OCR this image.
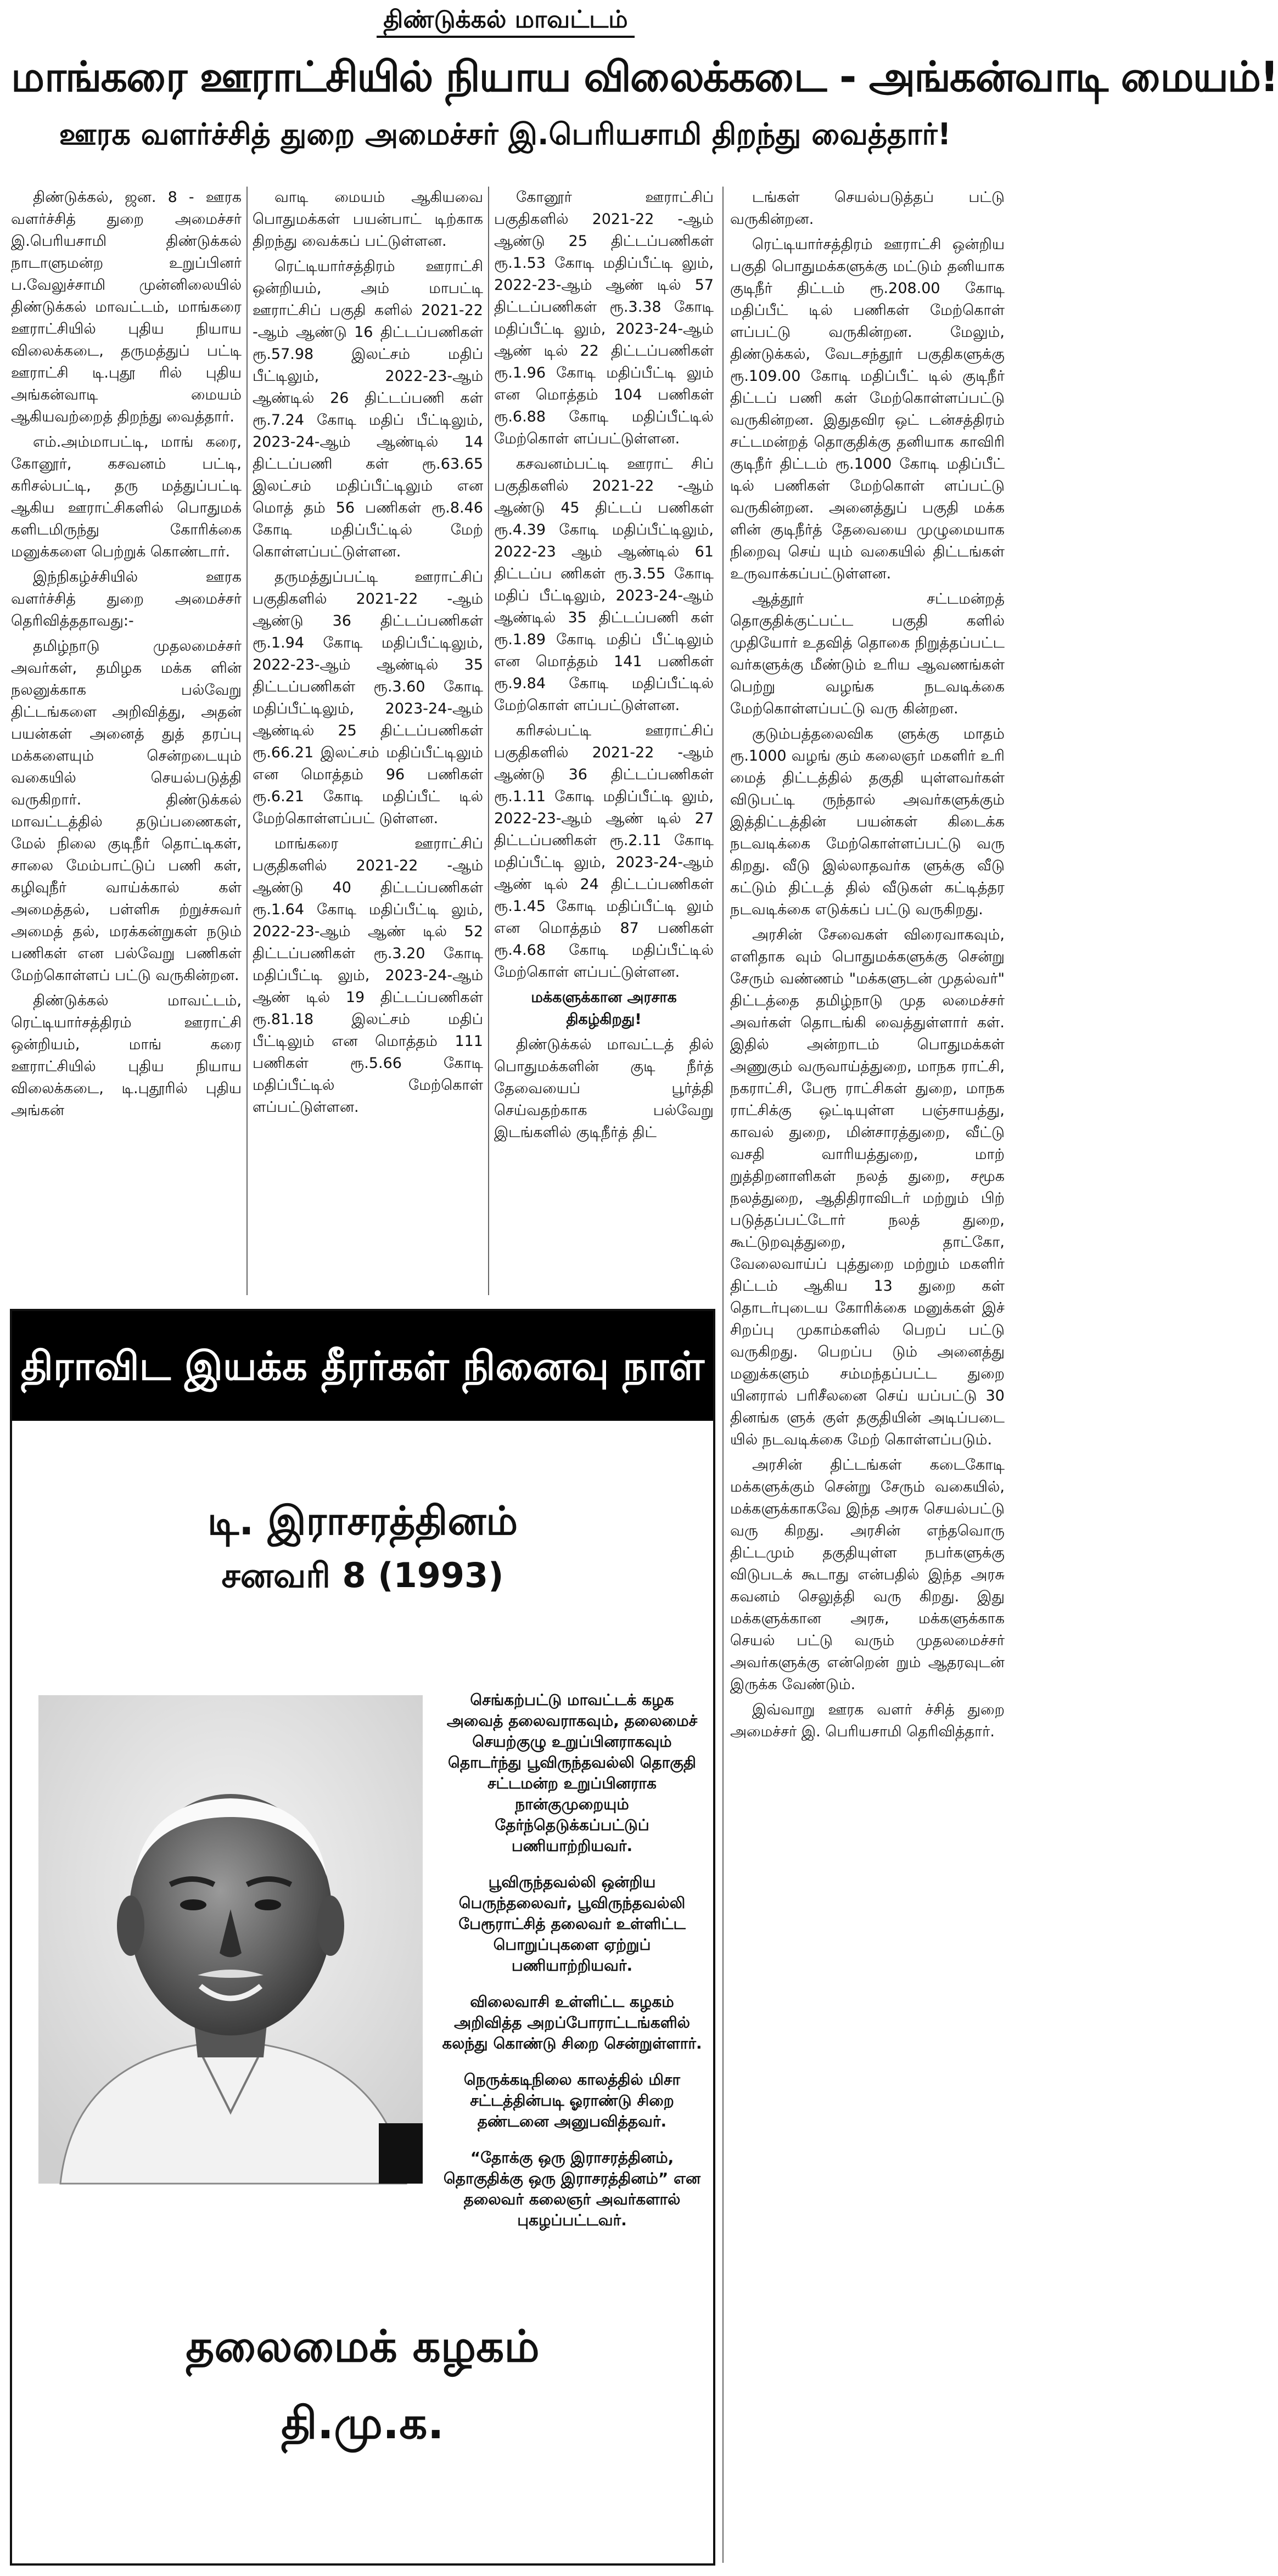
திண்டுக்கல் மாவட்டம்
மாங்கரை ஊராட்சியில் நியாய விலைக்கடை - அங்கன்வாடி மையம்!
ஊரக வளர்ச்சித் துறை அமைச்சர் இ.பெரியசாமி திறந்து வைத்தார்!

திண்டுக்கல், ஜன. 8 - ஊரக வளர்ச்சித் துறை அமைச்சர் இ.பெரியசாமி திண்டுக்கல் நாடாளுமன்ற உறுப்பினர் ப.வேலுச்சாமி முன்னிலையில் திண்டுக்கல் மாவட்டம், மாங்கரை ஊராட்சியில் புதிய நியாய விலைக்கடை, தருமத்துப் பட்டி ஊராட்சி டி.புதூ ரில் புதிய அங்கன்வாடி மையம் ஆகியவற்றைத் திறந்து வைத்தார்.

எம்.அம்மாபட்டி, மாங் கரை, கோனூர், கசவனம் பட்டி, கரிசல்பட்டி, தரு மத்துப்பட்டி ஆகிய ஊராட்சிகளில் பொதுமக் களிடமிருந்து கோரிக்கை மனுக்களை பெற்றுக் கொண்டார்.

இந்நிகழ்ச்சியில் ஊரக வளர்ச்சித் துறை அமைச்சர் தெரிவித்ததாவது:-

தமிழ்நாடு முதலமைச்சர் அவர்கள், தமிழக மக்க ளின் நலனுக்காக பல்வேறு திட்டங்களை அறிவித்து, அதன் பயன்கள் அனைத் துத் தரப்பு மக்களையும் சென்றடையும் வகையில் செயல்படுத்தி வருகிறார். திண்டுக்கல் மாவட்டத்தில் தடுப்பணைகள், மேல் நிலை குடிநீர் தொட்டிகள், சாலை மேம்பாட்டுப் பணி கள், கழிவுநீர் வாய்க்கால் கள் அமைத்தல், பள்ளிசு ற்றுச்சுவர் அமைத் தல், மரக்கன்றுகள் நடும் பணிகள் என பல்வேறு பணிகள் மேற்கொள்ளப் பட்டு வருகின்றன.

திண்டுக்கல் மாவட்டம், ரெட்டியார்சத்திரம் ஊராட்சி ஒன்றியம், மாங் கரை ஊராட்சியில் புதிய நியாய விலைக்கடை, டி.புதூரில் புதிய அங்கன்

வாடி மையம் ஆகியவை பொதுமக்கள் பயன்பாட் டிற்காக திறந்து வைக்கப் பட்டுள்ளன.

ரெட்டியார்சத்திரம் ஊராட்சி ஒன்றியம், அம் மாபட்டி ஊராட்சிப் பகுதி களில் 2021-22 -ஆம் ஆண்டு 16 திட்டப்பணிகள் ரூ.57.98 இலட்சம் மதிப் பீட்டிலும், 2022-23-ஆம் ஆண்டில் 26 திட்டப்பணி கள் ரூ.7.24 கோடி மதிப் பீட்டிலும், 2023-24-ஆம் ஆண்டில் 14 திட்டப்பணி கள் ரூ.63.65 இலட்சம் மதிப்பீட்டிலும் என மொத் தம் 56 பணிகள் ரூ.8.46 கோடி மதிப்பீட்டில் மேற் கொள்ளப்பட்டுள்ளன.

தருமத்துப்பட்டி ஊராட்சிப் பகுதிகளில் 2021-22 -ஆம் ஆண்டு 36 திட்டப்பணிகள் ரூ.1.94 கோடி மதிப்பீட்டிலும், 2022-23-ஆம் ஆண்டில் 35 திட்டப்பணிகள் ரூ.3.60 கோடி மதிப்பீட்டிலும், 2023-24-ஆம் ஆண்டில் 25 திட்டப்பணிகள் ரூ.66.21 இலட்சம் மதிப்பீட்டிலும் என மொத்தம் 96 பணிகள் ரூ.6.21 கோடி மதிப்பீட் டில் மேற்கொள்ளப்பட் டுள்ளன.

மாங்கரை ஊராட்சிப் பகுதிகளில் 2021-22 -ஆம் ஆண்டு 40 திட்டப்பணிகள் ரூ.1.64 கோடி மதிப்பீட்டி லும், 2022-23-ஆம் ஆண் டில் 52 திட்டப்பணிகள் ரூ.3.20 கோடி மதிப்பீட்டி லும், 2023-24-ஆம் ஆண் டில் 19 திட்டப்பணிகள் ரூ.81.18 இலட்சம் மதிப் பீட்டிலும் என மொத்தம் 111 பணிகள் ரூ.5.66 கோடி மதிப்பீட்டில் மேற்கொள் ளப்பட்டுள்ளன.

கோனூர் ஊராட்சிப் பகுதிகளில் 2021-22 -ஆம் ஆண்டு 25 திட்டப்பணிகள் ரூ.1.53 கோடி மதிப்பீட்டி லும், 2022-23-ஆம் ஆண் டில் 57 திட்டப்பணிகள் ரூ.3.38 கோடி மதிப்பீட்டி லும், 2023-24-ஆம் ஆண் டில் 22 திட்டப்பணிகள் ரூ.1.96 கோடி மதிப்பீட்டி லும் என மொத்தம் 104 பணிகள் ரூ.6.88 கோடி மதிப்பீட்டில் மேற்கொள் ளப்பட்டுள்ளன.

கசவனம்பட்டி ஊராட் சிப் பகுதிகளில் 2021-22 -ஆம் ஆண்டு 45 திட்டப் பணிகள் ரூ.4.39 கோடி மதிப்பீட்டிலும், 2022-23 ஆம் ஆண்டில் 61 திட்டப்ப ணிகள் ரூ.3.55 கோடி மதிப் பீட்டிலும், 2023-24-ஆம் ஆண்டில் 35 திட்டப்பணி கள் ரூ.1.89 கோடி மதிப் பீட்டிலும் என மொத்தம் 141 பணிகள் ரூ.9.84 கோடி மதிப்பீட்டில் மேற்கொள் ளப்பட்டுள்ளன.

கரிசல்பட்டி ஊராட்சிப் பகுதிகளில் 2021-22 -ஆம் ஆண்டு 36 திட்டப்பணிகள் ரூ.1.11 கோடி மதிப்பீட்டி லும், 2022-23-ஆம் ஆண் டில் 27 திட்டப்பணிகள் ரூ.2.11 கோடி மதிப்பீட்டி லும், 2023-24-ஆம் ஆண் டில் 24 திட்டப்பணிகள் ரூ.1.45 கோடி மதிப்பீட்டி லும் என மொத்தம் 87 பணிகள் ரூ.4.68 கோடி மதிப்பீட்டில் மேற்கொள் ளப்பட்டுள்ளன.

மக்களுக்கான அரசாக திகழ்கிறது!

திண்டுக்கல் மாவட்டத் தில் பொதுமக்களின் குடி நீர்த் தேவையைப் பூர்த்தி செய்வதற்காக பல்வேறு இடங்களில் குடிநீர்த் திட்

டங்கள் செயல்படுத்தப் பட்டு வருகின்றன.

ரெட்டியார்சத்திரம் ஊராட்சி ஒன்றிய பகுதி பொதுமக்களுக்கு மட்டும் தனியாக குடிநீர் திட்டம் ரூ.208.00 கோடி மதிப்பீட் டில் பணிகள் மேற்கொள் ளப்பட்டு வருகின்றன. மேலும், திண்டுக்கல், வேடசந்தூர் பகுதிகளுக்கு ரூ.109.00 கோடி மதிப்பீட் டில் குடிநீர் திட்டப் பணி கள் மேற்கொள்ளப்பட்டு வருகின்றன. இதுதவிர ஒட் டன்சத்திரம் சட்டமன்றத் தொகுதிக்கு தனியாக காவிரி குடிநீர் திட்டம் ரூ.1000 கோடி மதிப்பீட் டில் பணிகள் மேற்கொள் ளப்பட்டு வருகின்றன. அனைத்துப் பகுதி மக்க ளின் குடிநீர்த் தேவையை முழுமையாக நிறைவு செய் யும் வகையில் திட்டங்கள் உருவாக்கப்பட்டுள்ளன.

ஆத்தூர் சட்டமன்றத் தொகுதிக்குட்பட்ட பகுதி களில் முதியோர் உதவித் தொகை நிறுத்தப்பட்ட வர்களுக்கு மீண்டும் உரிய ஆவணங்கள் பெற்று வழங்க நடவடிக்கை மேற்கொள்ளப்பட்டு வரு கின்றன.

குடும்பத்தலைவிக ளுக்கு மாதம் ரூ.1000 வழங் கும் கலைஞர் மகளிர் உரி மைத் திட்டத்தில் தகுதி யுள்ளவர்கள் விடுபட்டி ருந்தால் அவர்களுக்கும் இத்திட்டத்தின் பயன்கள் கிடைக்க நடவடிக்கை மேற்கொள்ளப்பட்டு வரு கிறது. வீடு இல்லாதவர்க ளுக்கு வீடு கட்டும் திட்டத் தில் வீடுகள் கட்டித்தர நடவடிக்கை எடுக்கப் பட்டு வருகிறது.

அரசின் சேவைகள் விரைவாகவும், எளிதாக வும் பொதுமக்களுக்கு சென்று சேரும் வண்ணம் "மக்களுடன் முதல்வர்" திட்டத்தை தமிழ்நாடு முத லமைச்சர் அவர்கள் தொடங்கி வைத்துள்ளார் கள். இதில் அன்றாடம் பொதுமக்கள் அணுகும் வருவாய்த்துறை, மாநக ராட்சி, நகராட்சி, பேரூ ராட்சிகள் துறை, மாநக ராட்சிக்கு ஒட்டியுள்ள பஞ்சாயத்து, காவல் துறை, மின்சாரத்துறை, வீட்டு வசதி வாரியத்துறை, மாற் றுத்திறனாளிகள் நலத் துறை, சமூக நலத்துறை, ஆதிதிராவிடர் மற்றும் பிற் படுத்தப்பட்டோர் நலத் துறை, கூட்டுறவுத்துறை, தாட்கோ, வேலைவாய்ப் புத்துறை மற்றும் மகளிர் திட்டம் ஆகிய 13 துறை கள் தொடர்புடைய கோரிக்கை மனுக்கள் இச் சிறப்பு முகாம்களில் பெறப் பட்டு வருகிறது. பெறப்ப டும் அனைத்து மனுக்களும் சம்மந்தப்பட்ட துறை யினரால் பரிசீலனை செய் யப்பட்டு 30 தினங்க ளுக் குள் தகுதியின் அடிப்படை யில் நடவடிக்கை மேற் கொள்ளப்படும்.

அரசின் திட்டங்கள் கடைகோடி மக்களுக்கும் சென்று சேரும் வகையில், மக்களுக்காகவே இந்த அரசு செயல்பட்டு வரு கிறது. அரசின் எந்தவொரு திட்டமும் தகுதியுள்ள நபர்களுக்கு விடுபடக் கூடாது என்பதில் இந்த அரசு கவனம் செலுத்தி வரு கிறது. இது மக்களுக்கான அரசு, மக்களுக்காக செயல் பட்டு வரும் முதலமைச்சர் அவர்களுக்கு என்றென் றும் ஆதரவுடன் இருக்க வேண்டும்.

இவ்வாறு ஊரக வளர் ச்சித் துறை அமைச்சர் இ. பெரியசாமி தெரிவித்தார்.

திராவிட இயக்க தீரர்கள் நினைவு நாள்
டி. இராசரத்தினம்
சனவரி 8 (1993)

செங்கற்பட்டு மாவட்டக் கழக அவைத் தலைவராகவும், தலைமைச் செயற்குழு உறுப்பினராகவும் தொடர்ந்து பூவிருந்தவல்லி தொகுதி சட்டமன்ற உறுப்பினராக நான்குமுறையும் தேர்ந்தெடுக்கப்பட்டுப் பணியாற்றியவர்.

பூவிருந்தவல்லி ஒன்றிய பெருந்தலைவர், பூவிருந்தவல்லி பேரூராட்சித் தலைவர் உள்ளிட்ட பொறுப்புகளை ஏற்றுப் பணியாற்றியவர்.

விலைவாசி உள்ளிட்ட கழகம் அறிவித்த அறப்போராட்டங்களில் கலந்து கொண்டு சிறை சென்றுள்ளார்.

நெருக்கடிநிலை காலத்தில் மிசா சட்டத்தின்படி ஓராண்டு சிறை தண்டனை அனுபவித்தவர்.

“தோக்கு ஒரு இராசரத்தினம், தொகுதிக்கு ஒரு இராசரத்தினம்” என தலைவர் கலைஞர் அவர்களால் புகழப்பட்டவர்.

தலைமைக் கழகம்
தி.மு.க.
